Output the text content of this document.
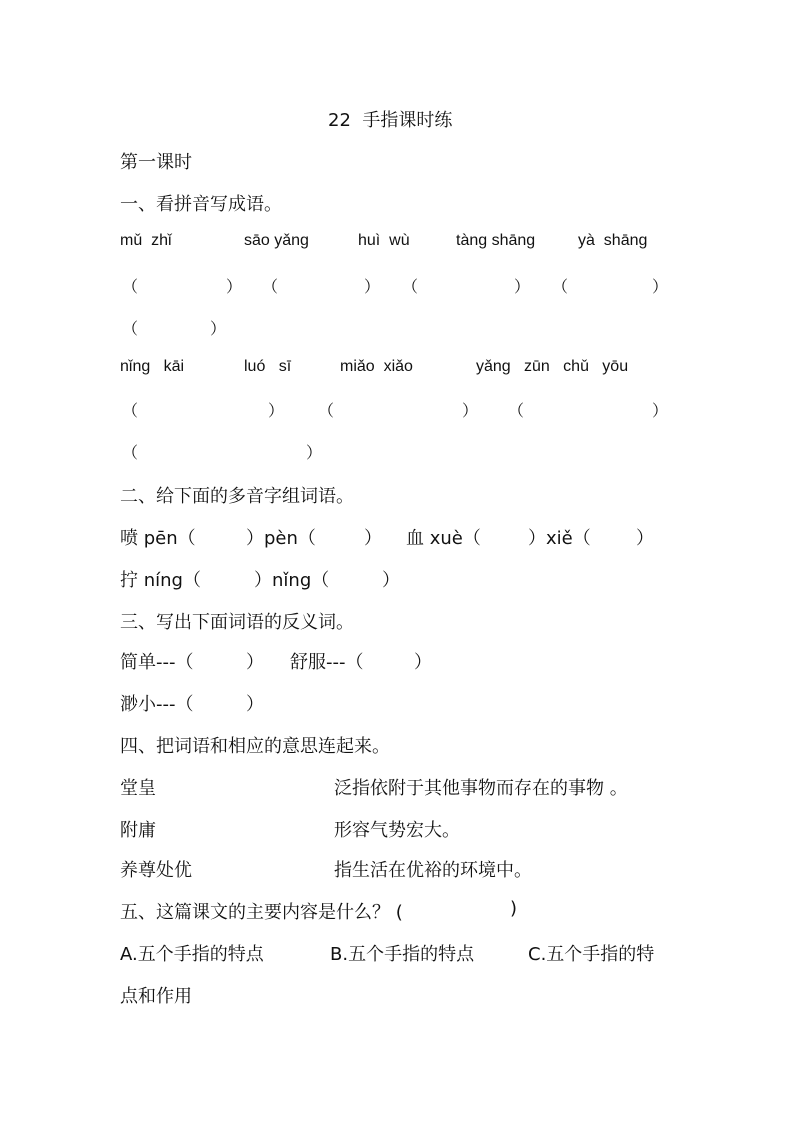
22  手指课时练
第一课时
一、看拼音写成语。
mǔ  zhǐ	sāo yǎng	huì  wù	tàng shāng	yà  shāng
（	） （	） （	） （	）
（	）
nǐng   kāi	luó   sī	miǎo  xiǎo	yǎng   zūn   chǔ   yōu
（	） （	） （	）
（	）
二、给下面的多音字组词语。
喷 pēn（	）pèn（	） 血 xuè（	）xiě（	）
拧 níng（	）nǐng（	）
三、写出下面词语的反义词。
简单---（	） 舒服---（	）
渺小---（	）
四、把词语和相应的意思连起来。
堂皇	泛指依附于其他事物而存在的事物 。
附庸	形容气势宏大。
养尊处优	指生活在优裕的环境中。
五、这篇课文的主要内容是什么？ (	)
A.五个手指的特点	B.五个手指的特点	C.五个手指的特
点和作用
